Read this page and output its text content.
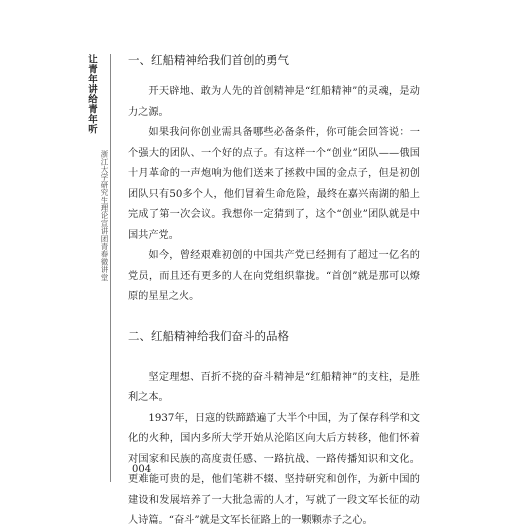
让青年讲给青年听
浙江大学研究生理论宣讲团青春微讲堂
一、红船精神给我们首创的勇气

开天辟地、敢为人先的首创精神是“红船精神”的灵魂，是动力之源。

如果我问你创业需具备哪些必备条件，你可能会回答说：一个强大的团队、一个好的点子。有这样一个“创业”团队——俄国十月革命的一声炮响为他们送来了拯救中国的金点子，但是初创团队只有50多个人，他们冒着生命危险，最终在嘉兴南湖的船上完成了第一次会议。我想你一定猜到了，这个“创业”团队就是中国共产党。

如今，曾经艰难初创的中国共产党已经拥有了超过一亿名的党员，而且还有更多的人在向党组织靠拢。“首创”就是那可以燎原的星星之火。

二、红船精神给我们奋斗的品格

坚定理想、百折不挠的奋斗精神是“红船精神”的支柱，是胜利之本。

1937年，日寇的铁蹄踏遍了大半个中国，为了保存科学和文化的火种，国内多所大学开始从沦陷区向大后方转移，他们怀着对国家和民族的高度责任感、一路抗战、一路传播知识和文化。更难能可贵的是，他们笔耕不辍、坚持研究和创作，为新中国的建设和发展培养了一大批急需的人才，写就了一段文军长征的动人诗篇。“奋斗”就是文军长征路上的一颗颗赤子之心。

004
